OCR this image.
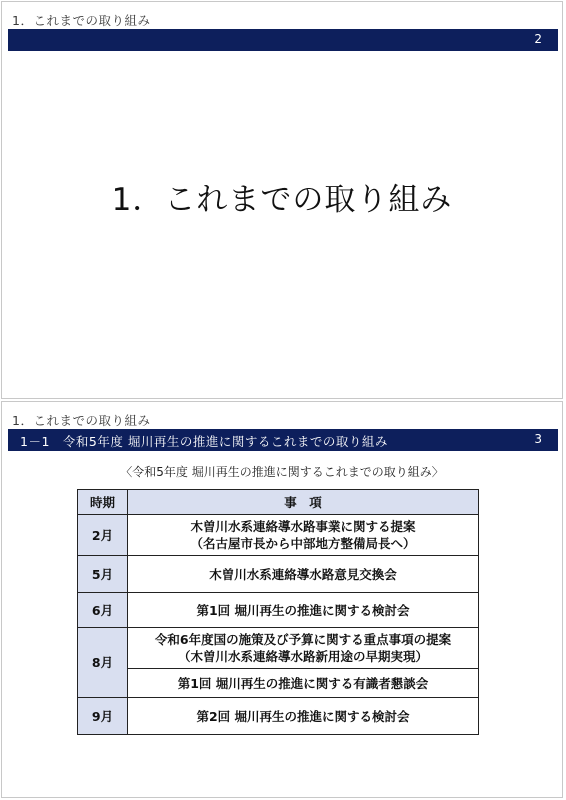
1．これまでの取り組み
2
1．これまでの取り組み
1．これまでの取り組み
1－1　令和5年度 堀川再生の推進に関するこれまでの取り組み	3
〈令和5年度 堀川再生の推進に関するこれまでの取り組み〉
時期	事　項
2月	木曽川水系連絡導水路事業に関する提案
（名古屋市長から中部地方整備局長へ）

5月	木曽川水系連絡導水路意見交換会
6月	第1回 堀川再生の推進に関する検討会
8月	令和6年度国の施策及び予算に関する重点事項の提案
（木曽川水系連絡導水路新用途の早期実現）

	第1回 堀川再生の推進に関する有識者懇談会
9月	第2回 堀川再生の推進に関する検討会
